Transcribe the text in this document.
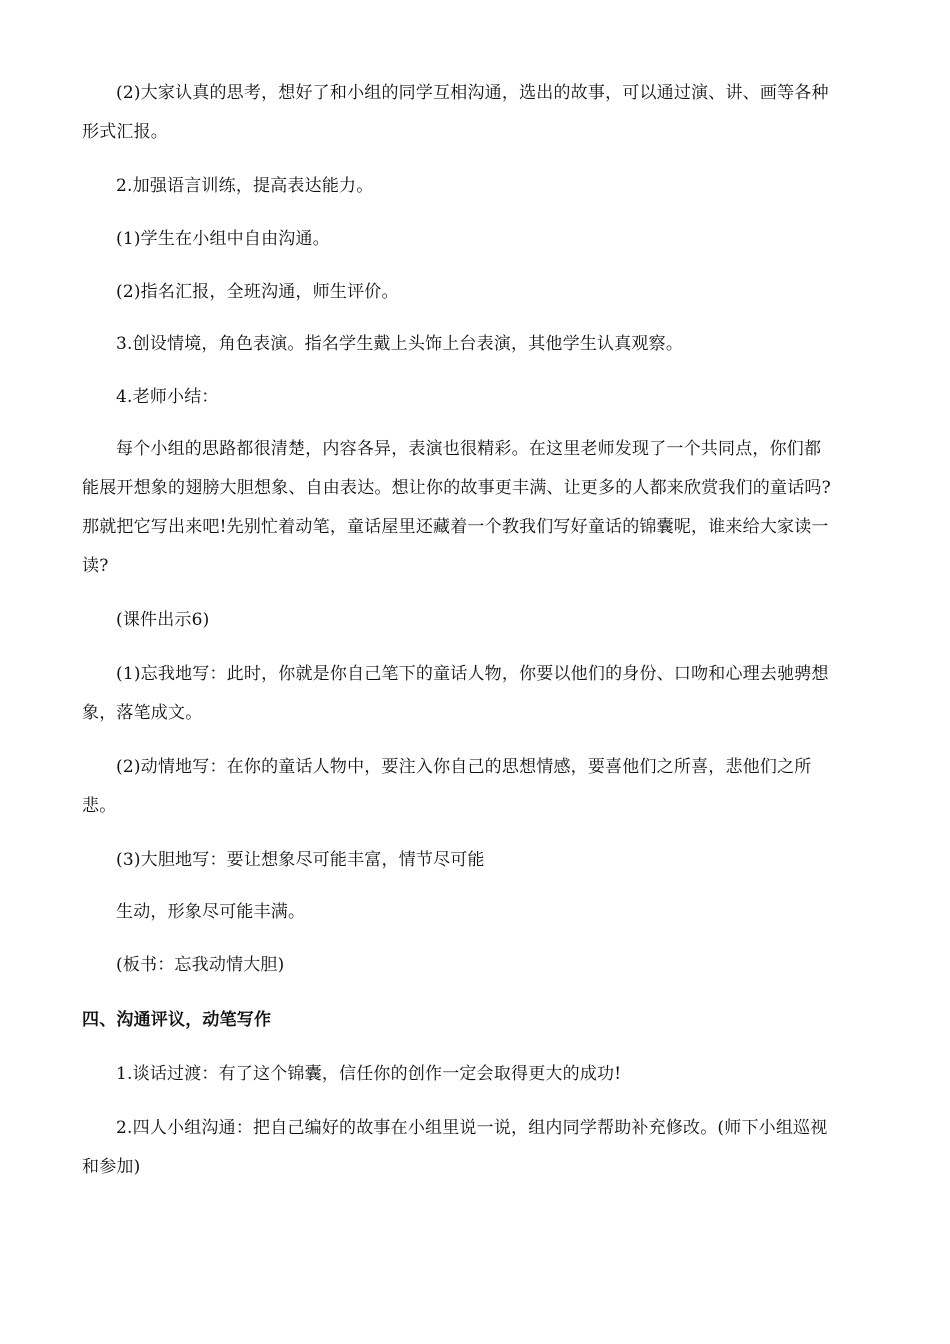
(2)大家认真的思考，想好了和小组的同学互相沟通，选出的故事，可以通过演、讲、画等各种
形式汇报。
2.加强语言训练，提高表达能力。
(1)学生在小组中自由沟通。
(2)指名汇报，全班沟通，师生评价。
3.创设情境，角色表演。指名学生戴上头饰上台表演，其他学生认真观察。
4.老师小结：
每个小组的思路都很清楚，内容各异，表演也很精彩。在这里老师发现了一个共同点，你们都
能展开想象的翅膀大胆想象、自由表达。想让你的故事更丰满、让更多的人都来欣赏我们的童话吗?
那就把它写出来吧!先别忙着动笔，童话屋里还藏着一个教我们写好童话的锦囊呢，谁来给大家读一
读?
(课件出示6)
(1)忘我地写：此时，你就是你自己笔下的童话人物，你要以他们的身份、口吻和心理去驰骋想
象，落笔成文。
(2)动情地写：在你的童话人物中，要注入你自己的思想情感，要喜他们之所喜，悲他们之所
悲。
(3)大胆地写：要让想象尽可能丰富，情节尽可能
生动，形象尽可能丰满。
(板书：忘我动情大胆)
四、沟通评议，动笔写作
1.谈话过渡：有了这个锦囊，信任你的创作一定会取得更大的成功!
2.四人小组沟通：把自己编好的故事在小组里说一说，组内同学帮助补充修改。(师下小组巡视
和参加)
